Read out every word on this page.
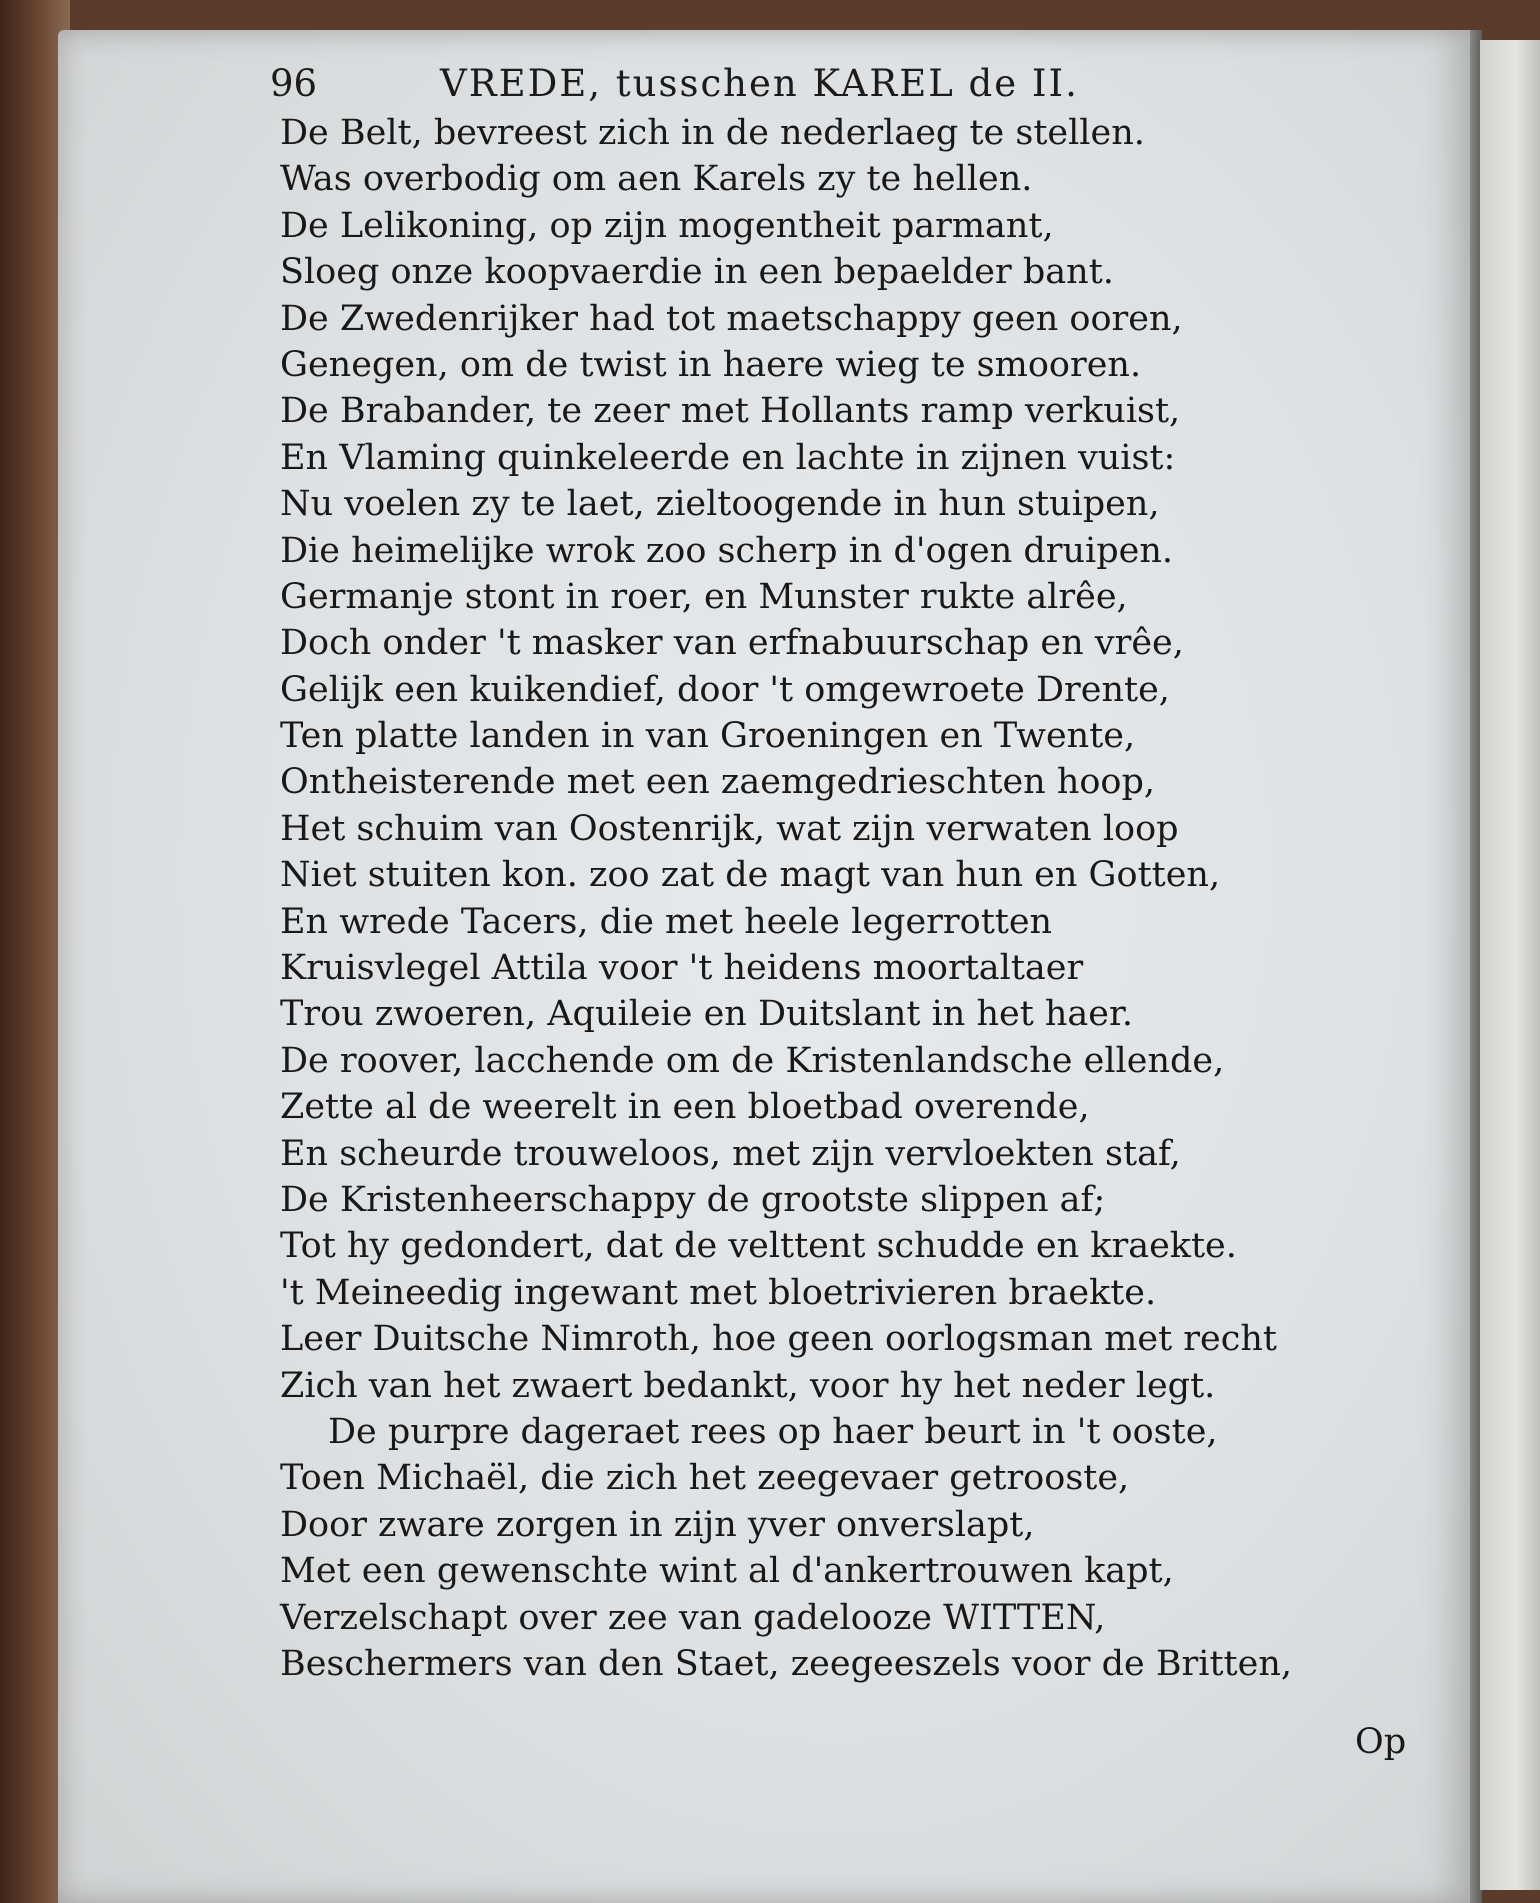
96	VREDE, tusschen KAREL de II.
De Belt, bevreest zich in de nederlaeg te stellen.
Was overbodig om aen Karels zy te hellen.
De Lelikoning, op zijn mogentheit parmant,
Sloeg onze koopvaerdie in een bepaelder bant.
De Zwedenrijker had tot maetschappy geen ooren,
Genegen, om de twist in haere wieg te smooren.
De Brabander, te zeer met Hollants ramp verkuist,
En Vlaming quinkeleerde en lachte in zijnen vuist:
Nu voelen zy te laet, zieltoogende in hun stuipen,
Die heimelijke wrok zoo scherp in d'ogen druipen.
Germanje stont in roer, en Munster rukte alrêe,
Doch onder 't masker van erfnabuurschap en vrêe,
Gelijk een kuikendief, door 't omgewroete Drente,
Ten platte landen in van Groeningen en Twente,
Ontheisterende met een zaemgedrieschten hoop,
Het schuim van Oostenrijk, wat zijn verwaten loop
Niet stuiten kon. zoo zat de magt van hun en Gotten,
En wrede Tacers, die met heele legerrotten
Kruisvlegel Attila voor 't heidens moortaltaer
Trou zwoeren, Aquileie en Duitslant in het haer.
De roover, lacchende om de Kristenlandsche ellende,
Zette al de weerelt in een bloetbad overende,
En scheurde trouweloos, met zijn vervloekten staf,
De Kristenheerschappy de grootste slippen af;
Tot hy gedondert, dat de velttent schudde en kraekte.
't Meineedig ingewant met bloetrivieren braekte.
Leer Duitsche Nimroth, hoe geen oorlogsman met recht
Zich van het zwaert bedankt, voor hy het neder legt.
De purpre dageraet rees op haer beurt in 't ooste,
Toen Michaël, die zich het zeegevaer getrooste,
Door zware zorgen in zijn yver onverslapt,
Met een gewenschte wint al d'ankertrouwen kapt,
Verzelschapt over zee van gadelooze WITTEN,
Beschermers van den Staet, zeegeeszels voor de Britten,
Op
